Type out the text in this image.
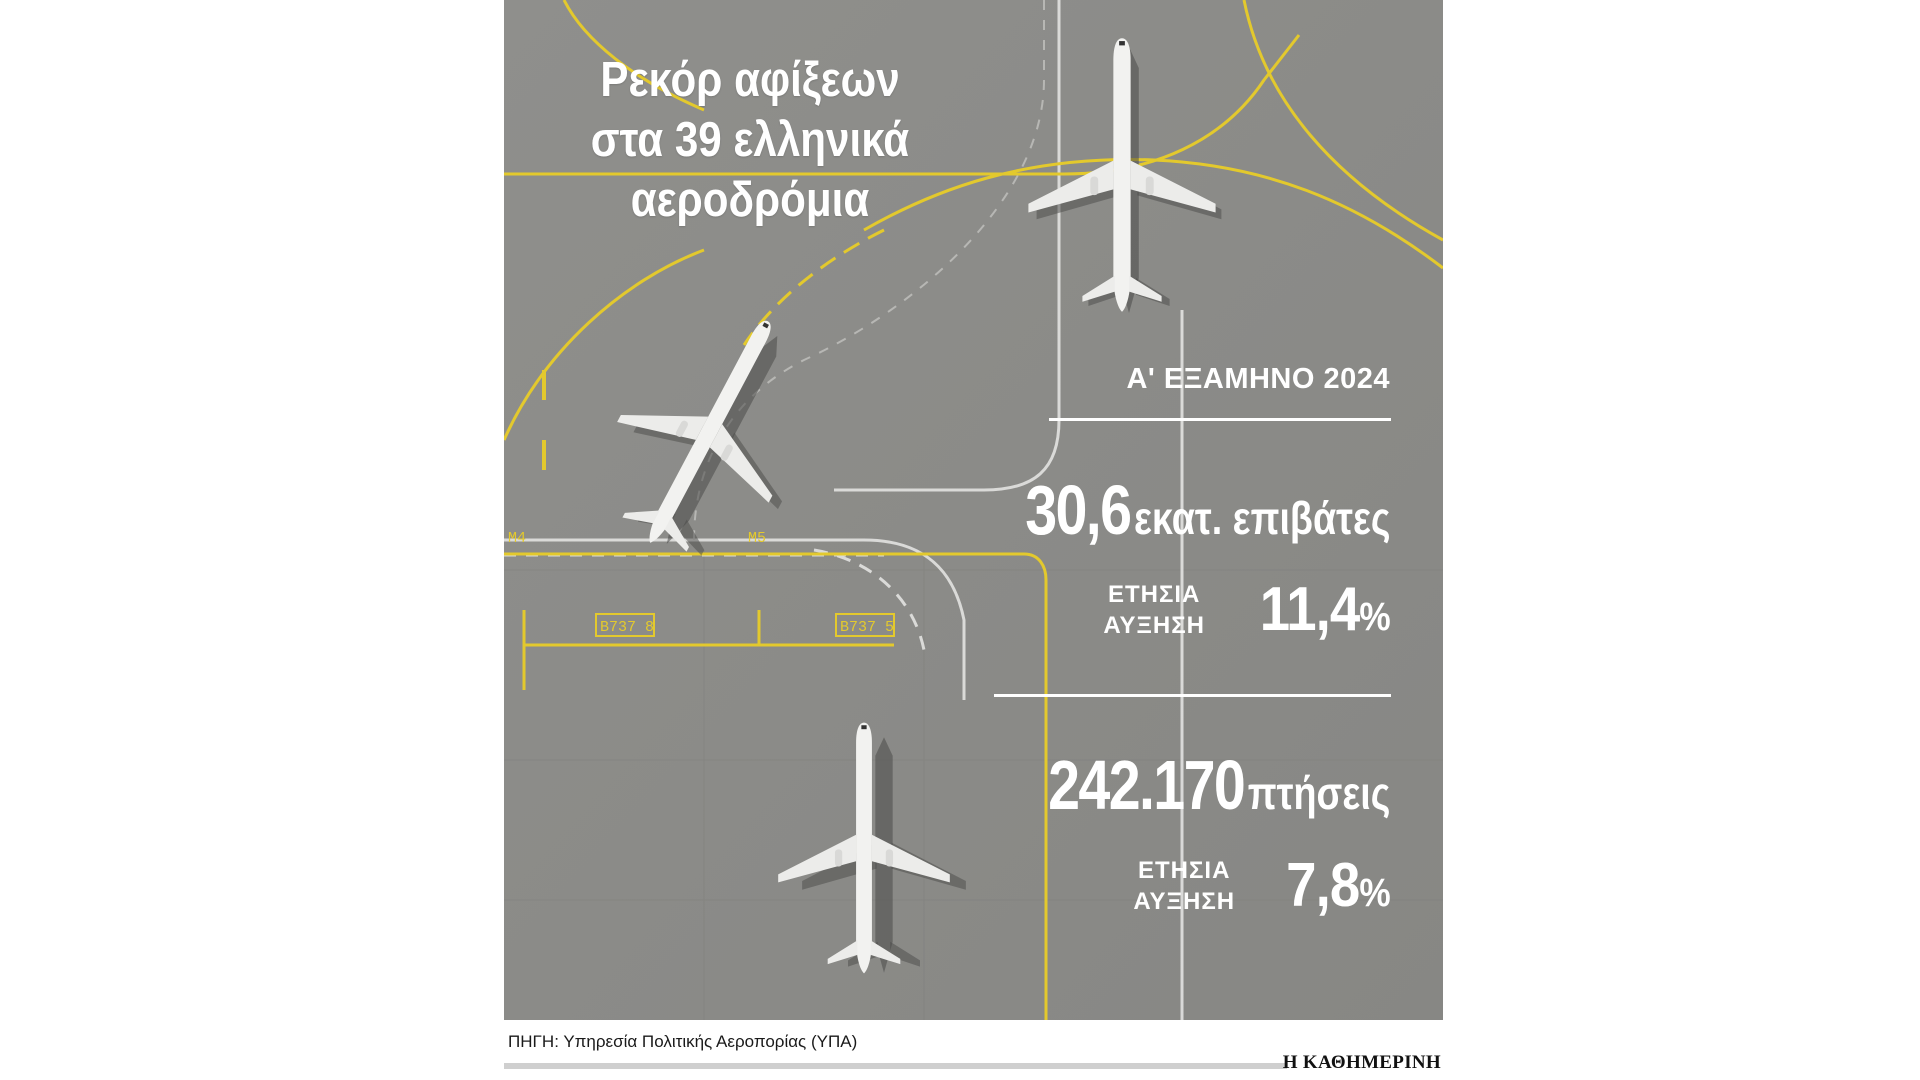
B737 8	B737 5
M4	M5
Ρεκόρ αφίξεων
στα 39 ελληνικά
αεροδρόμια
Α' ΕΞΑΜΗΝΟ 2024
30,6 εκατ. επιβάτες
ΕΤΗΣΙΑ
ΑΥΞΗΣΗ 11,4%
242.170 πτήσεις
ΕΤΗΣΙΑ
ΑΥΞΗΣΗ 7,8%
ΠΗΓΗ: Υπηρεσία Πολιτικής Αεροπορίας (ΥΠΑ)
Η ΚΑΘΗΜΕΡΙΝΗ
